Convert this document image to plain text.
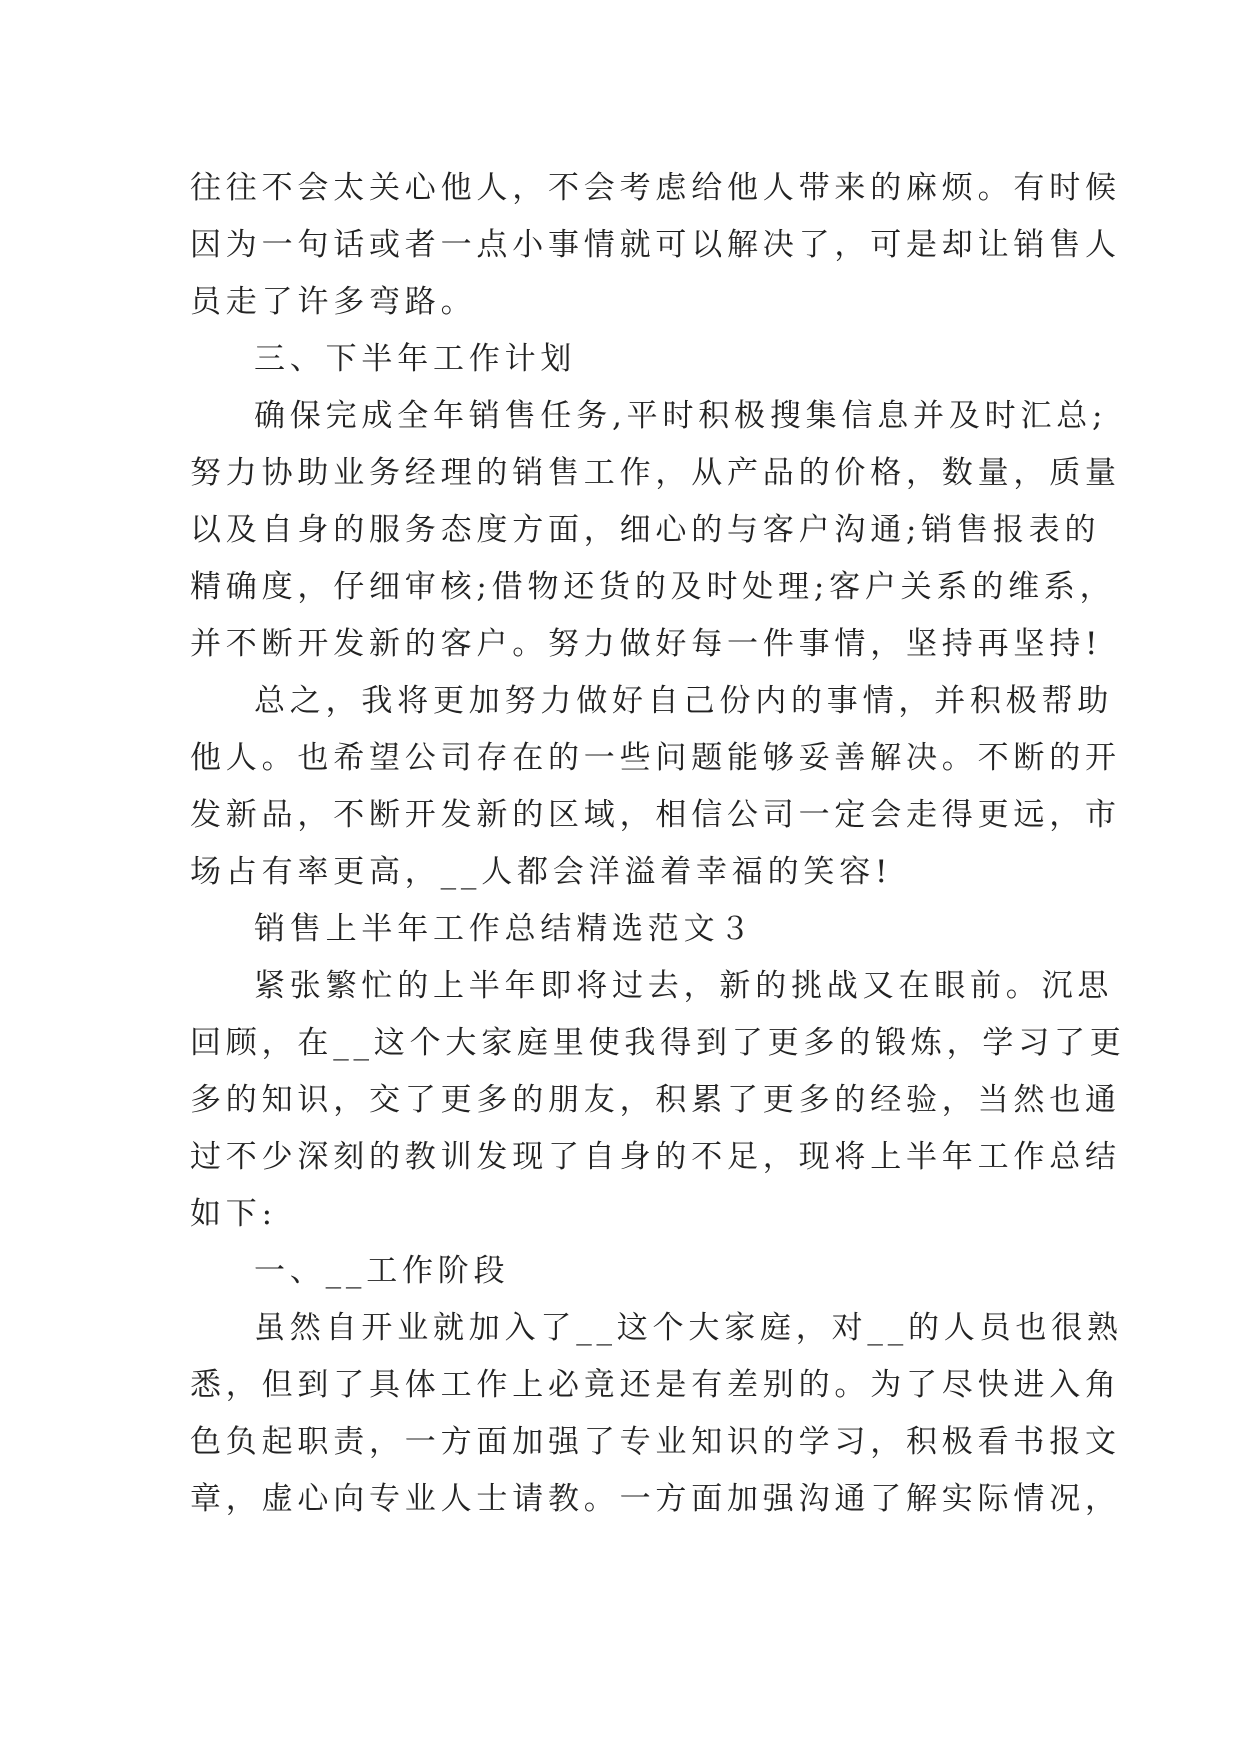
往往不会太关心他人，不会考虑给他人带来的麻烦。有时候
因为一句话或者一点小事情就可以解决了，可是却让销售人
员走了许多弯路。
三、下半年工作计划
确保完成全年销售任务,平时积极搜集信息并及时汇总;
努力协助业务经理的销售工作，从产品的价格，数量，质量
以及自身的服务态度方面，细心的与客户沟通;销售报表的
精确度，仔细审核;借物还货的及时处理;客户关系的维系，
并不断开发新的客户。努力做好每一件事情，坚持再坚持!
总之，我将更加努力做好自己份内的事情，并积极帮助
他人。也希望公司存在的一些问题能够妥善解决。不断的开
发新品，不断开发新的区域，相信公司一定会走得更远，市
场占有率更高，__人都会洋溢着幸福的笑容!
销售上半年工作总结精选范文３
紧张繁忙的上半年即将过去，新的挑战又在眼前。沉思
回顾，在__这个大家庭里使我得到了更多的锻炼，学习了更
多的知识，交了更多的朋友，积累了更多的经验，当然也通
过不少深刻的教训发现了自身的不足，现将上半年工作总结
如下:
一、__工作阶段
虽然自开业就加入了__这个大家庭，对__的人员也很熟
悉，但到了具体工作上必竟还是有差别的。为了尽快进入角
色负起职责，一方面加强了专业知识的学习，积极看书报文
章，虚心向专业人士请教。一方面加强沟通了解实际情况，
